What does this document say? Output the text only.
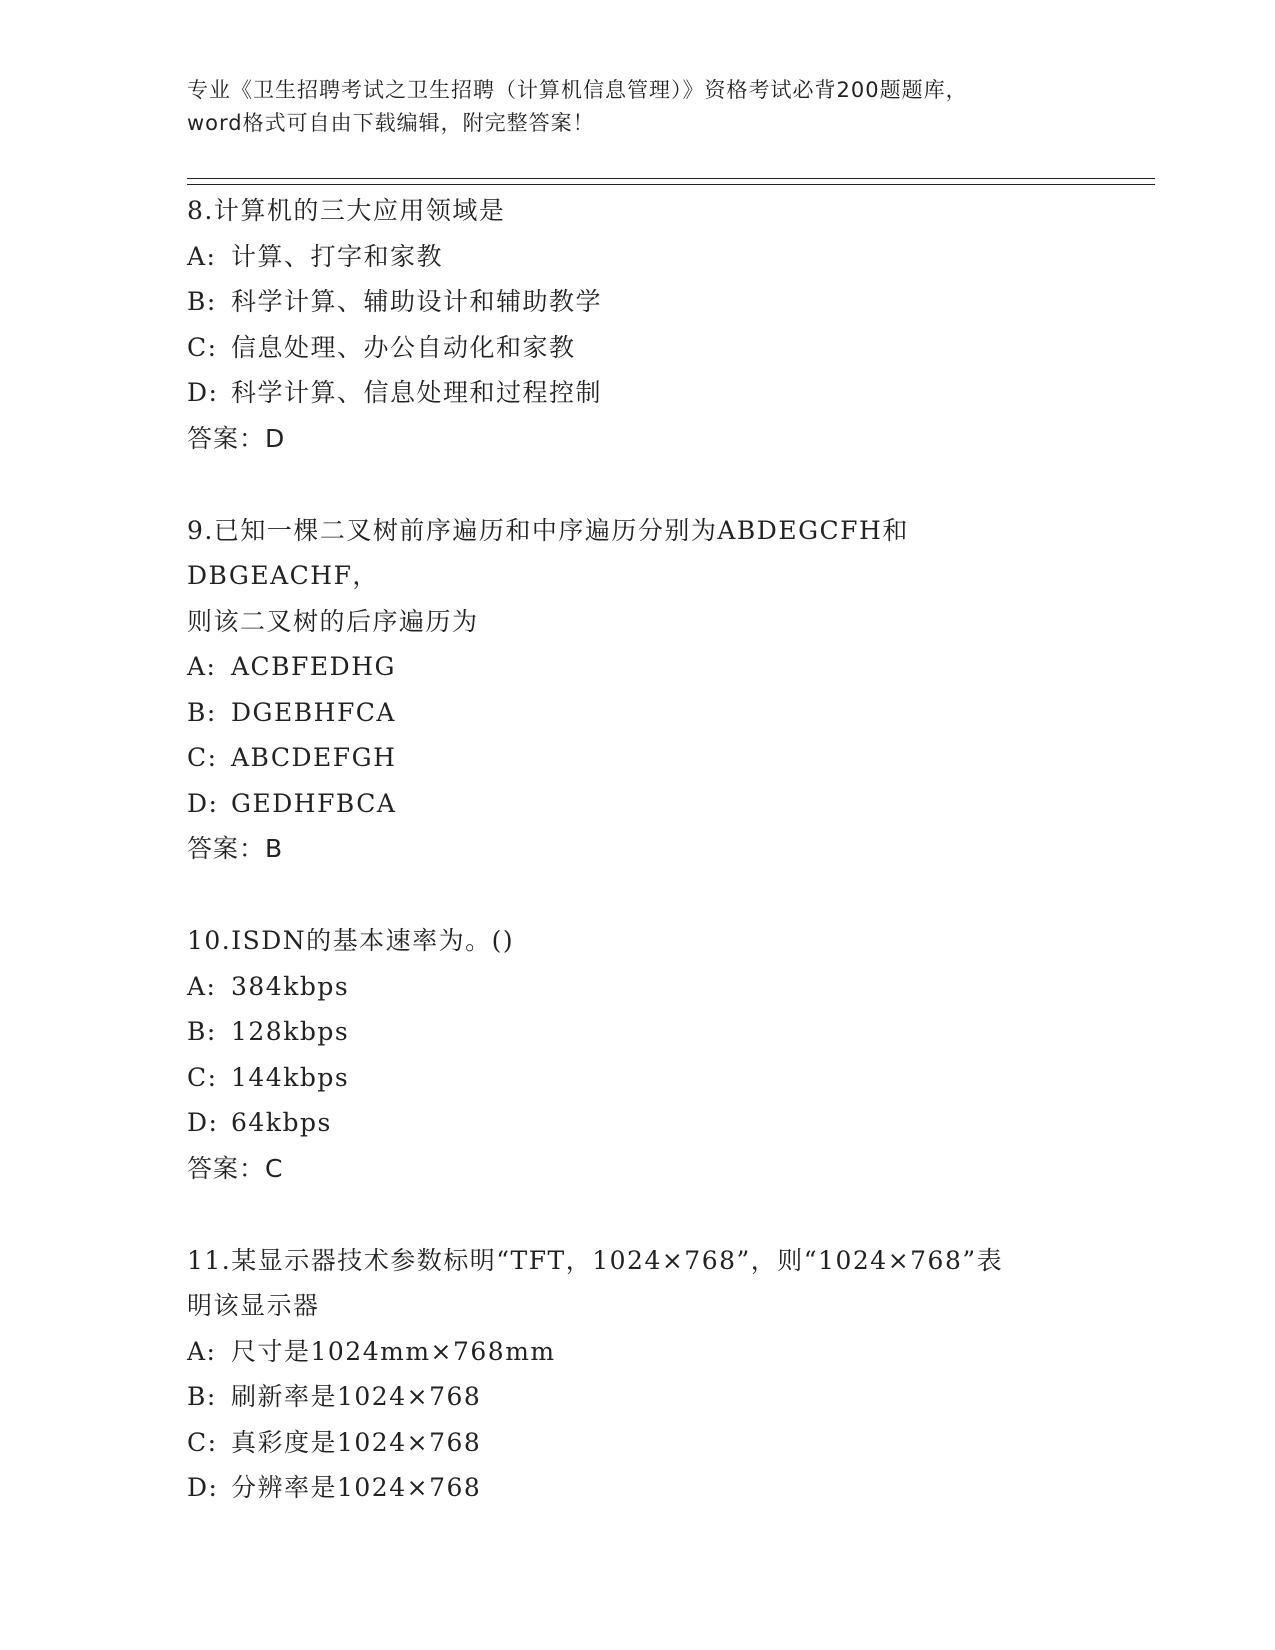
专业《卫生招聘考试之卫生招聘（计算机信息管理）》资格考试必背200题题库，
word格式可自由下载编辑，附完整答案！
8.计算机的三大应用领域是
A: 计算、打字和家教
B: 科学计算、辅助设计和辅助教学
C: 信息处理、办公自动化和家教
D: 科学计算、信息处理和过程控制
答案：D
9.已知一棵二叉树前序遍历和中序遍历分别为ABDEGCFH和DBGEACHF，
则该二叉树的后序遍历为
A: ACBFEDHG
B: DGEBHFCA
C: ABCDEFGH
D: GEDHFBCA
答案：B
10.ISDN的基本速率为。()
A: 384kbps
B: 128kbps
C: 144kbps
D: 64kbps
答案：C
11.某显示器技术参数标明“TFT，1024×768”，则“1024×768”表
明该显示器
A: 尺寸是1024mm×768mm
B: 刷新率是1024×768
C: 真彩度是1024×768
D: 分辨率是1024×768
